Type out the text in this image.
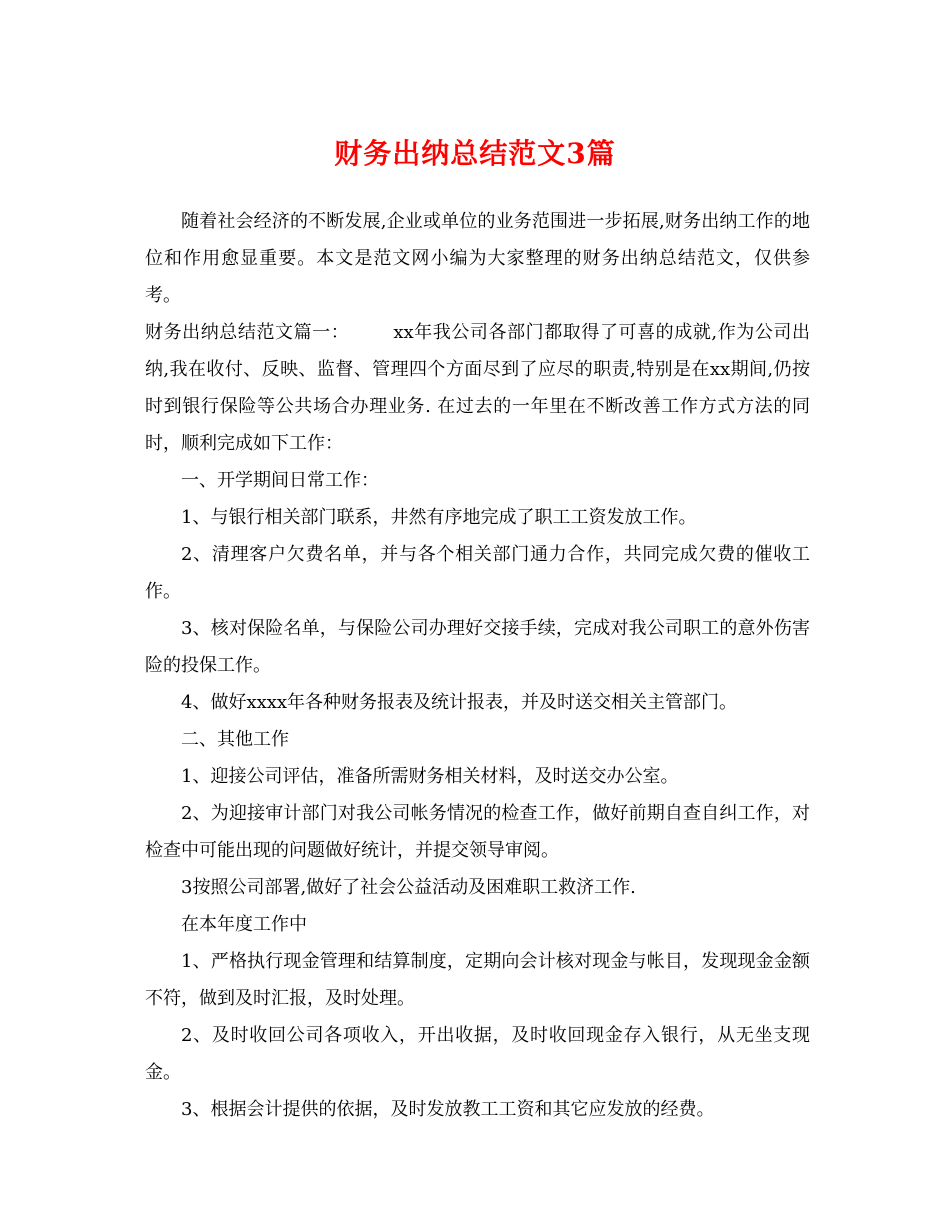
财务出纳总结范文3篇

随着社会经济的不断发展,企业或单位的业务范围进一步拓展,财务出纳工作的地位和作用愈显重要。本文是范文网小编为大家整理的财务出纳总结范文，仅供参考。

财务出纳总结范文篇一： xx年我公司各部门都取得了可喜的成就,作为公司出纳,我在收付、反映、监督、管理四个方面尽到了应尽的职责,特别是在xx期间,仍按时到银行保险等公共场合办理业务. 在过去的一年里在不断改善工作方式方法的同时，顺利完成如下工作：

一、开学期间日常工作：

1、与银行相关部门联系，井然有序地完成了职工工资发放工作。

2、清理客户欠费名单，并与各个相关部门通力合作，共同完成欠费的催收工作。

3、核对保险名单，与保险公司办理好交接手续，完成对我公司职工的意外伤害险的投保工作。

4、做好xxxx年各种财务报表及统计报表，并及时送交相关主管部门。

二、其他工作

1、迎接公司评估，准备所需财务相关材料，及时送交办公室。

2、为迎接审计部门对我公司帐务情况的检查工作，做好前期自查自纠工作，对检查中可能出现的问题做好统计，并提交领导审阅。

3按照公司部署,做好了社会公益活动及困难职工救济工作.

在本年度工作中

1、严格执行现金管理和结算制度，定期向会计核对现金与帐目，发现现金金额不符，做到及时汇报，及时处理。

2、及时收回公司各项收入，开出收据，及时收回现金存入银行，从无坐支现金。

3、根据会计提供的依据，及时发放教工工资和其它应发放的经费。
